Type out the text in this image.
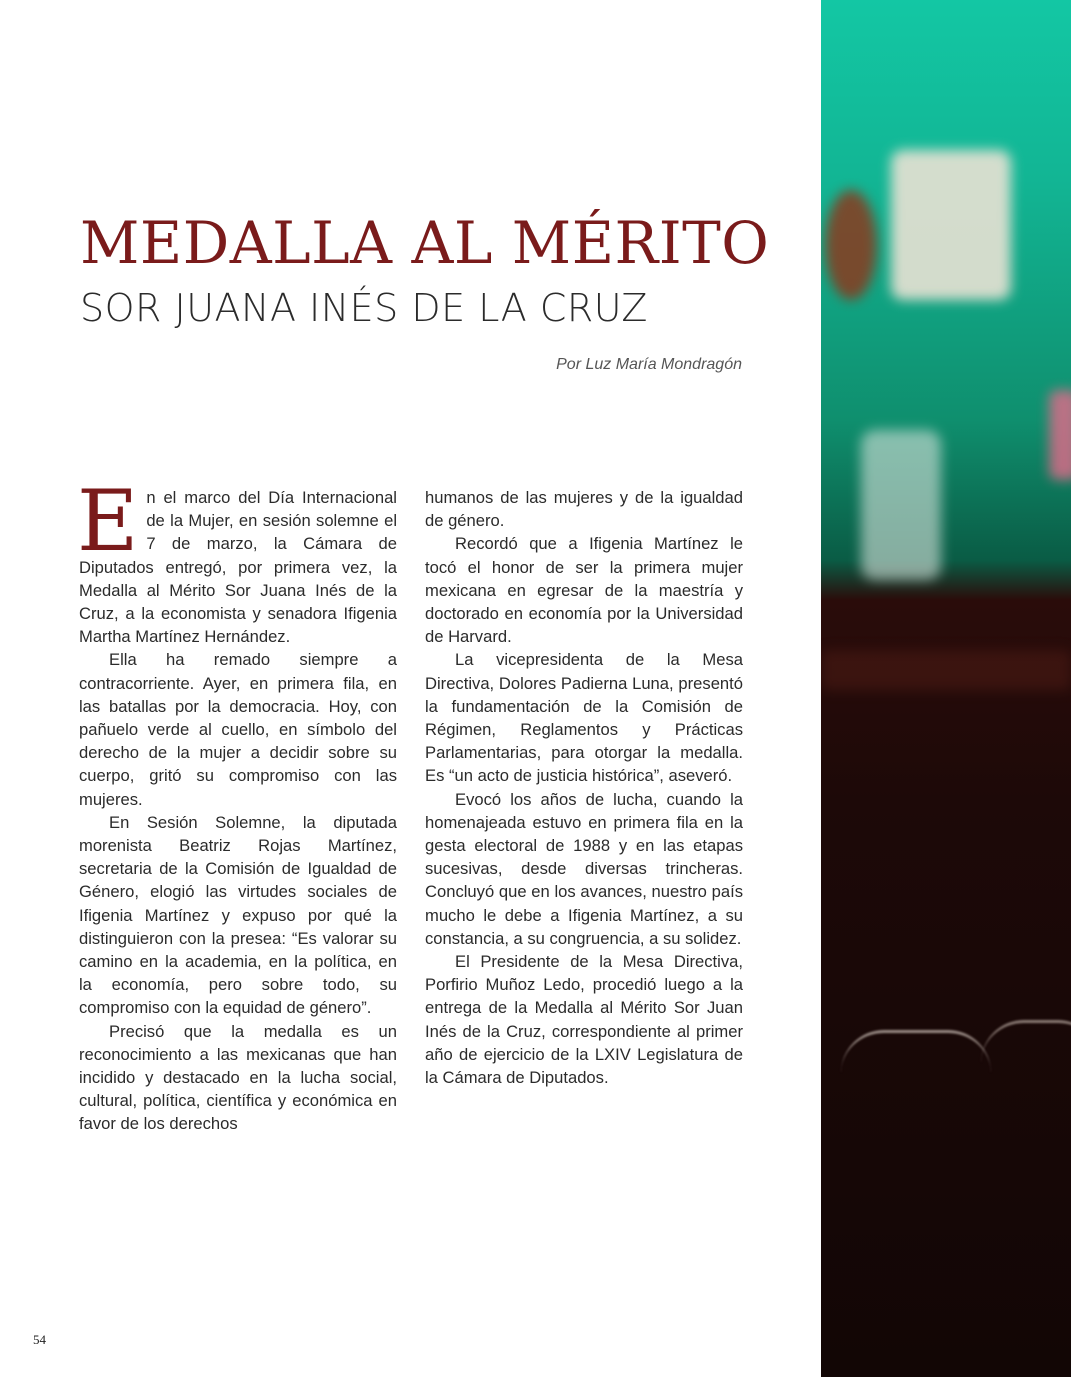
MEDALLA AL MÉRITO
SOR JUANA INÉS DE LA CRUZ
Por Luz María Mondragón

En el marco del Día Internacional de la Mujer, en sesión solemne el 7 de marzo, la Cámara de Diputados entregó, por primera vez, la Medalla al Mérito Sor Juana Inés de la Cruz, a la economista y senadora Ifigenia Martha Martínez Hernández.

Ella ha remado siempre a contracorriente. Ayer, en primera fila, en las batallas por la democracia. Hoy, con pañuelo verde al cuello, en símbolo del derecho de la mujer a decidir sobre su cuerpo, gritó su compromiso con las mujeres.

En Sesión Solemne, la diputada morenista Beatriz Rojas Martínez, secretaria de la Comisión de Igualdad de Género, elogió las virtudes sociales de Ifigenia Martínez y expuso por qué la distinguieron con la presea: “Es valorar su camino en la academia, en la política, en la economía, pero sobre todo, su compromiso con la equidad de género”.

Precisó que la medalla es un reconocimiento a las mexicanas que han incidido y destacado en la lucha social, cultural, política, científica y económica en favor de los derechos

humanos de las mujeres y de la igualdad de género.

Recordó que a Ifigenia Martínez le tocó el honor de ser la primera mujer mexicana en egresar de la maestría y doctorado en economía por la Universidad de Harvard.

La vicepresidenta de la Mesa Directiva, Dolores Padierna Luna, presentó la fundamentación de la Comisión de Régimen, Reglamentos y Prácticas Parlamentarias, para otorgar la medalla. Es “un acto de justicia histórica”, aseveró.

Evocó los años de lucha, cuando la homenajeada estuvo en primera fila en la gesta electoral de 1988 y en las etapas sucesivas, desde diversas trincheras. Concluyó que en los avances, nuestro país mucho le debe a Ifigenia Martínez, a su constancia, a su congruencia, a su solidez.

El Presidente de la Mesa Directiva, Porfirio Muñoz Ledo, procedió luego a la entrega de la Medalla al Mérito Sor Juan Inés de la Cruz, correspondiente al primer año de ejercicio de la LXIV Legislatura de la Cámara de Diputados.

54
